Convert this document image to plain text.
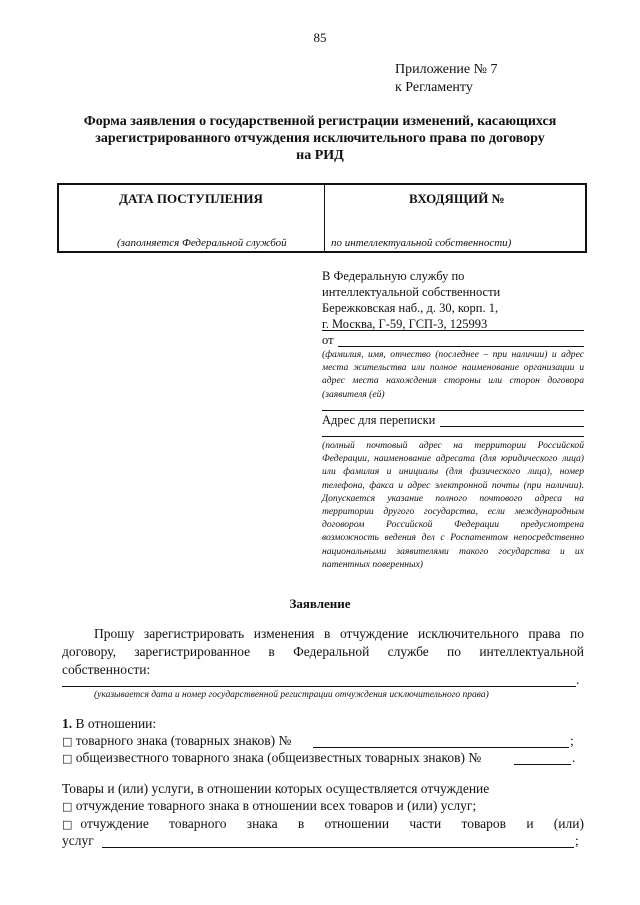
85
Приложение № 7
к Регламенту
Форма заявления о государственной регистрации изменений, касающихся
зарегистрированного отчуждения исключительного права по договору
на РИД
ДАТА ПОСТУПЛЕНИЯ	ВХОДЯЩИЙ №
(заполняется Федеральной службой	по интеллектуальной собственности)
В Федеральную службу по
интеллектуальной собственности
Бережковская наб., д. 30, корп. 1,
г. Москва, Г-59, ГСП-3, 125993
от
(фамилия, имя, отчество (последнее – при наличии) и адрес места жительства или полное наименование организации и адрес места нахождения стороны или сторон договора (заявителя (ей)
Адрес для переписки
(полный почтовый адрес на территории Российской Федерации, наименование адресата (для юридического лица) или фамилия и инициалы (для физического лица), номер телефона, факса и адрес электронной почты (при наличии). Допускается указание полного почтового адреса на территории другого государства, если международным договором Российской Федерации предусмотрена возможность ведения дел с Роспатентом непосредственно национальными заявителями такого государства и их патентных поверенных)
Заявление
Прошу зарегистрировать изменения в отчуждение исключительного права по
договору, зарегистрированное в Федеральной службе по интеллектуальной
собственности:
.
(указывается дата и номер государственной регистрации отчуждения исключительного права)
1. В отношении:
□ товарного знака (товарных знаков) №	;
□ общеизвестного товарного знака (общеизвестных товарных знаков) №	.
Товары и (или) услуги, в отношении которых осуществляется отчуждение
□ отчуждение товарного знака в отношении всех товаров и (или) услуг;
□ отчуждение товарного знака в отношении части товаров и (или)
услуг	;
